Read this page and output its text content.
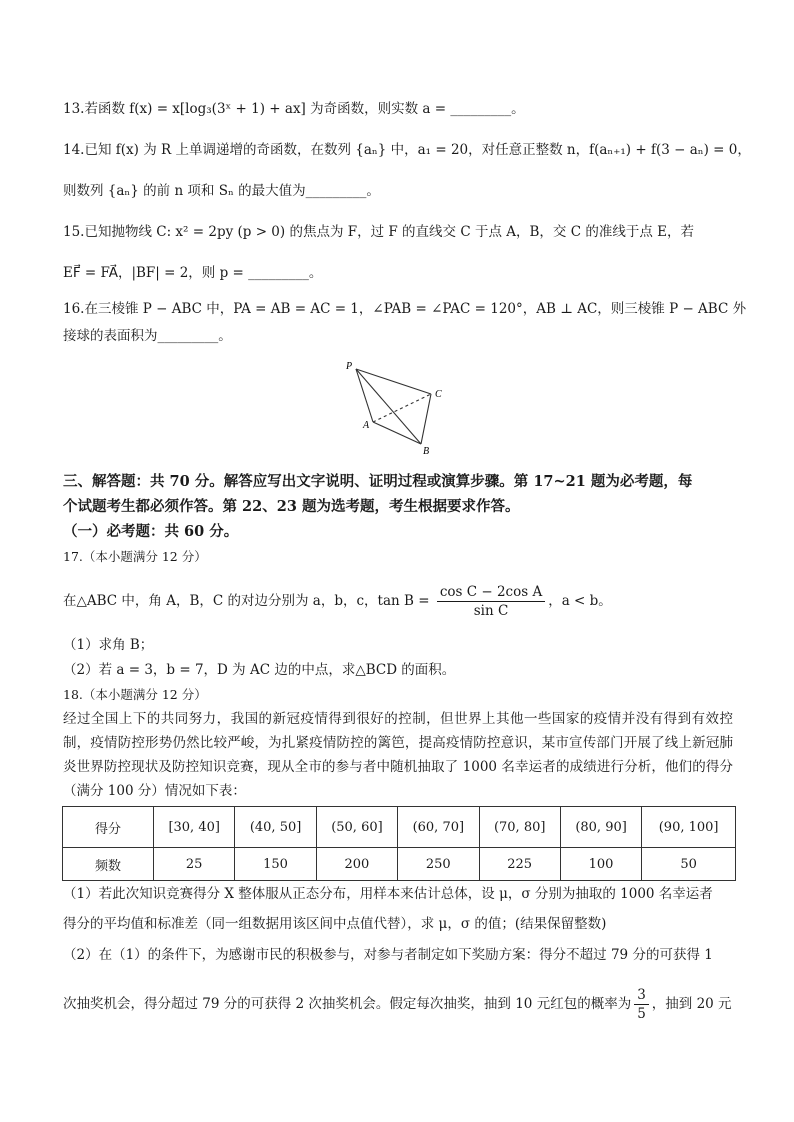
13.若函数 f(x) = x[log₃(3ˣ + 1) + ax] 为奇函数，则实数 a = _________。
14.已知 f(x) 为 R 上单调递增的奇函数，在数列 {aₙ} 中，a₁ = 20，对任意正整数 n，f(aₙ₊₁) + f(3 − aₙ) = 0，
则数列 {aₙ} 的前 n 项和 Sₙ 的最大值为_________。
15.已知抛物线 C: x² = 2py (p > 0) 的焦点为 F，过 F 的直线交 C 于点 A，B，交 C 的准线于点 E，若
EF⃗ = FA⃗，|BF| = 2，则 p = _________。
16.在三棱锥 P − ABC 中，PA = AB = AC = 1，∠PAB = ∠PAC = 120°，AB ⊥ AC，则三棱锥 P − ABC 外
接球的表面积为_________。
P
C
A
B
三、解答题：共 70 分。解答应写出文字说明、证明过程或演算步骤。第 17~21 题为必考题，每
个试题考生都必须作答。第 22、23 题为选考题，考生根据要求作答。
（一）必考题：共 60 分。
17.（本小题满分 12 分）
在△ABC 中，角 A，B，C 的对边分别为 a，b，c，$\tan B = \frac{\text{cos C − 2cos A}}{\text{sin C}}$ ，a < b。
（1）求角 B；
（2）若 a = 3，b = 7，D 为 AC 边的中点，求△BCD 的面积。
18.（本小题满分 12 分）
经过全国上下的共同努力，我国的新冠疫情得到很好的控制，但世界上其他一些国家的疫情并没有得到有效控制，疫情防控形势仍然比较严峻，为扎紧疫情防控的篱笆，提高疫情防控意识，某市宣传部门开展了线上新冠肺炎世界防控现状及防控知识竞赛，现从全市的参与者中随机抽取了 1000 名幸运者的成绩进行分析，他们的得分（满分 100 分）情况如下表：
得分	[30, 40]	(40, 50]	(50, 60]	(60, 70]	(70, 80]	(80, 90]	(90, 100]
频数	25	150	200	250	225	100	50
（1）若此次知识竞赛得分 X 整体服从正态分布，用样本来估计总体，设 μ，σ 分别为抽取的 1000 名幸运者
得分的平均值和标准差（同一组数据用该区间中点值代替），求 μ，σ 的值；(结果保留整数)
（2）在（1）的条件下，为感谢市民的积极参与，对参与者制定如下奖励方案：得分不超过 79 分的可获得 1
次抽奖机会，得分超过 79 分的可获得 2 次抽奖机会。假定每次抽奖，抽到 10 元红包的概率为 $\frac{3}{5}$ ，抽到 20 元
